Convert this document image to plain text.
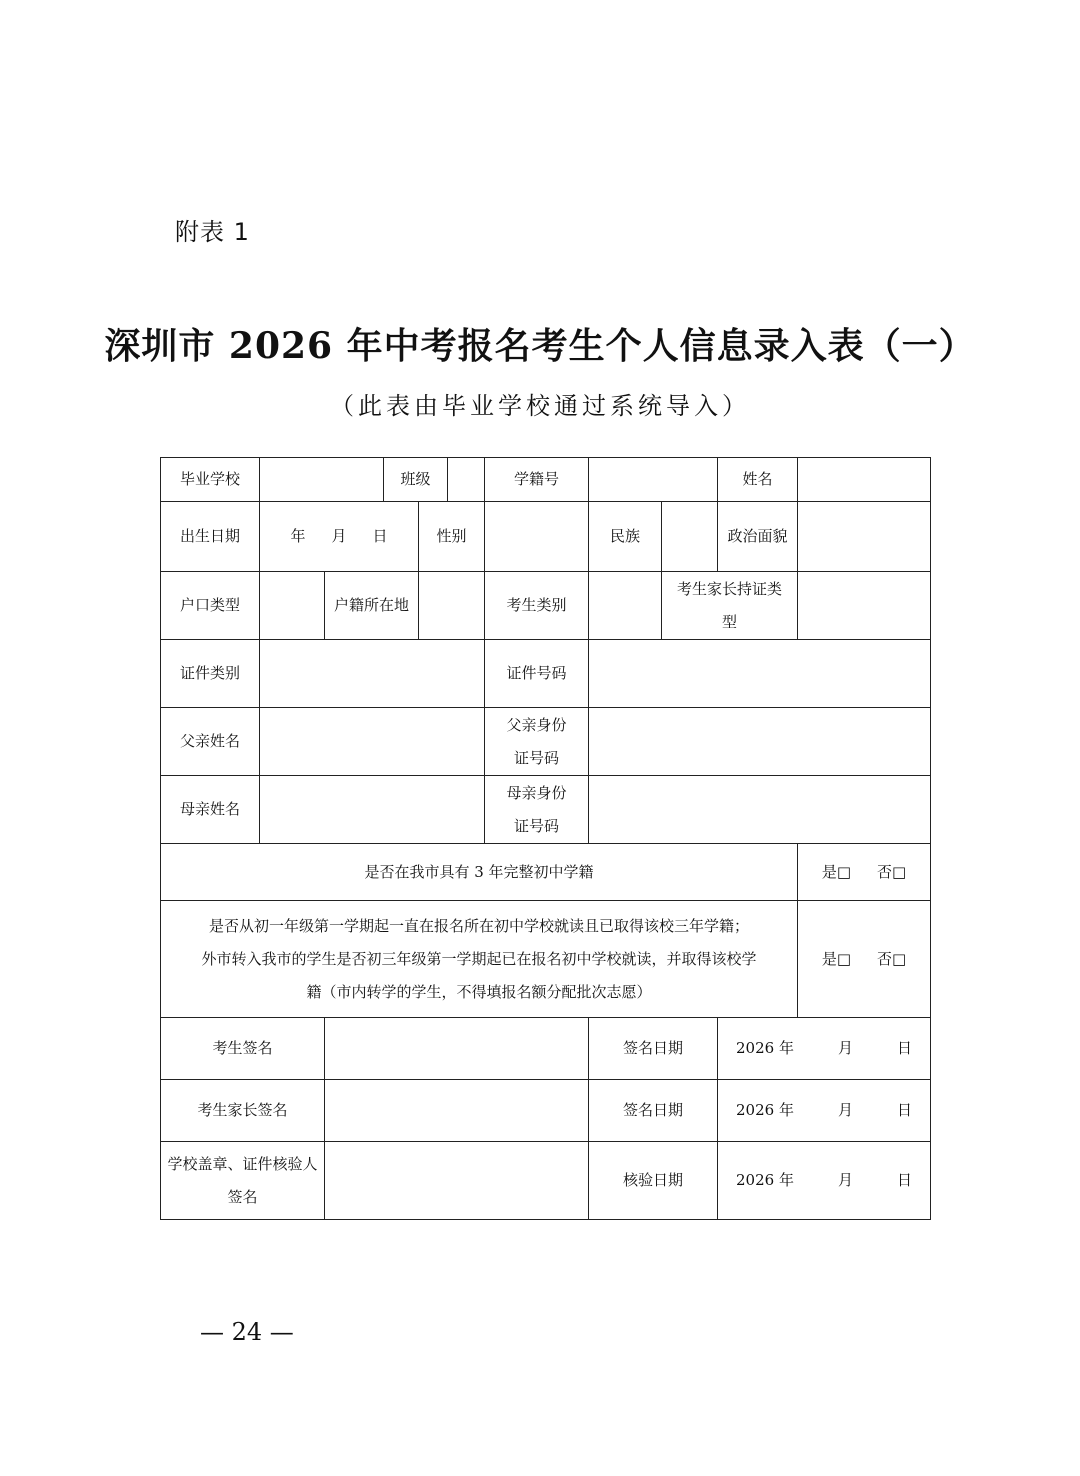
附表 1
深圳市 2026 年中考报名考生个人信息录入表（一）
（此表由毕业学校通过系统导入）
毕业学校			班级			学籍号			姓名	
出生日期	年 月 日			性别			民族		政治面貌	
户口类型		户籍所在地				考生类别		考生家长持证类 型		
证件类别						证件号码				
父亲姓名						父亲身份 证号码				
母亲姓名						母亲身份 证号码				
是否在我市具有 3 年完整初中学籍										是□ 否□
是否从初一年级第一学期起一直在报名所在初中学校就读且已取得该校三年学籍； 外市转入我市的学生是否初三年级第一学期起已在报名初中学校就读，并取得该校学 籍（市内转学的学生，不得填报名额分配批次志愿）										是□ 否□
考生签名							签名日期		2026 年 月 日	
考生家长签名							签名日期		2026 年 月 日	
学校盖章、证件核验人 签名							核验日期		2026 年 月 日	
— 24 —
